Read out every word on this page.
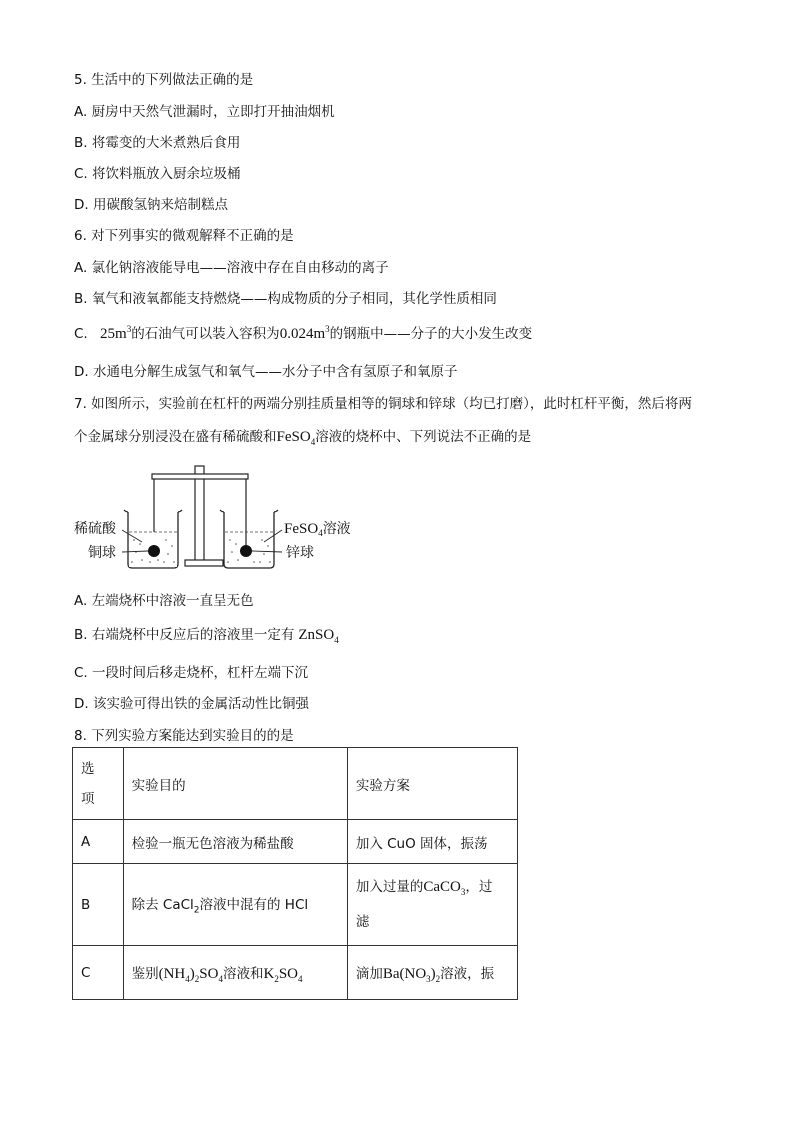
5. 生活中的下列做法正确的是
A. 厨房中天然气泄漏时，立即打开抽油烟机
B. 将霉变的大米煮熟后食用
C. 将饮料瓶放入厨余垃圾桶
D. 用碳酸氢钠来焙制糕点
6. 对下列事实的微观解释不正确的是
A. 氯化钠溶液能导电——溶液中存在自由移动的离子
B. 氧气和液氧都能支持燃烧——构成物质的分子相同，其化学性质相同
C. $25m^3$的石油气可以装入容积为$0.024m^3$的钢瓶中——分子的大小发生改变
D. 水通电分解生成氢气和氧气——水分子中含有氢原子和氧原子
7. 如图所示，实验前在杠杆的两端分别挂质量相等的铜球和锌球（均已打磨），此时杠杆平衡，然后将两
个金属球分别浸没在盛有稀硫酸和FeSO$_4$溶液的烧杯中、下列说法不正确的是
稀硫酸
铜球
FeSO$_4$溶液
锌球
A. 左端烧杯中溶液一直呈无色
B. 右端烧杯中反应后的溶液里一定有 ZnSO$_4$
C. 一段时间后移走烧杯，杠杆左端下沉
D. 该实验可得出铁的金属活动性比铜强
8. 下列实验方案能达到实验目的的是
选
项	实验目的	实验方案
A	检验一瓶无色溶液为稀盐酸	加入 CuO 固体，振荡
B	除去 CaCl$_2$溶液中混有的 HCl	加入过量的CaCO$_3$，过
滤

C	鉴别$(NH_4)_2SO_4$溶液和$K_2SO_4$	滴加$Ba(NO_3)_2$溶液，振
